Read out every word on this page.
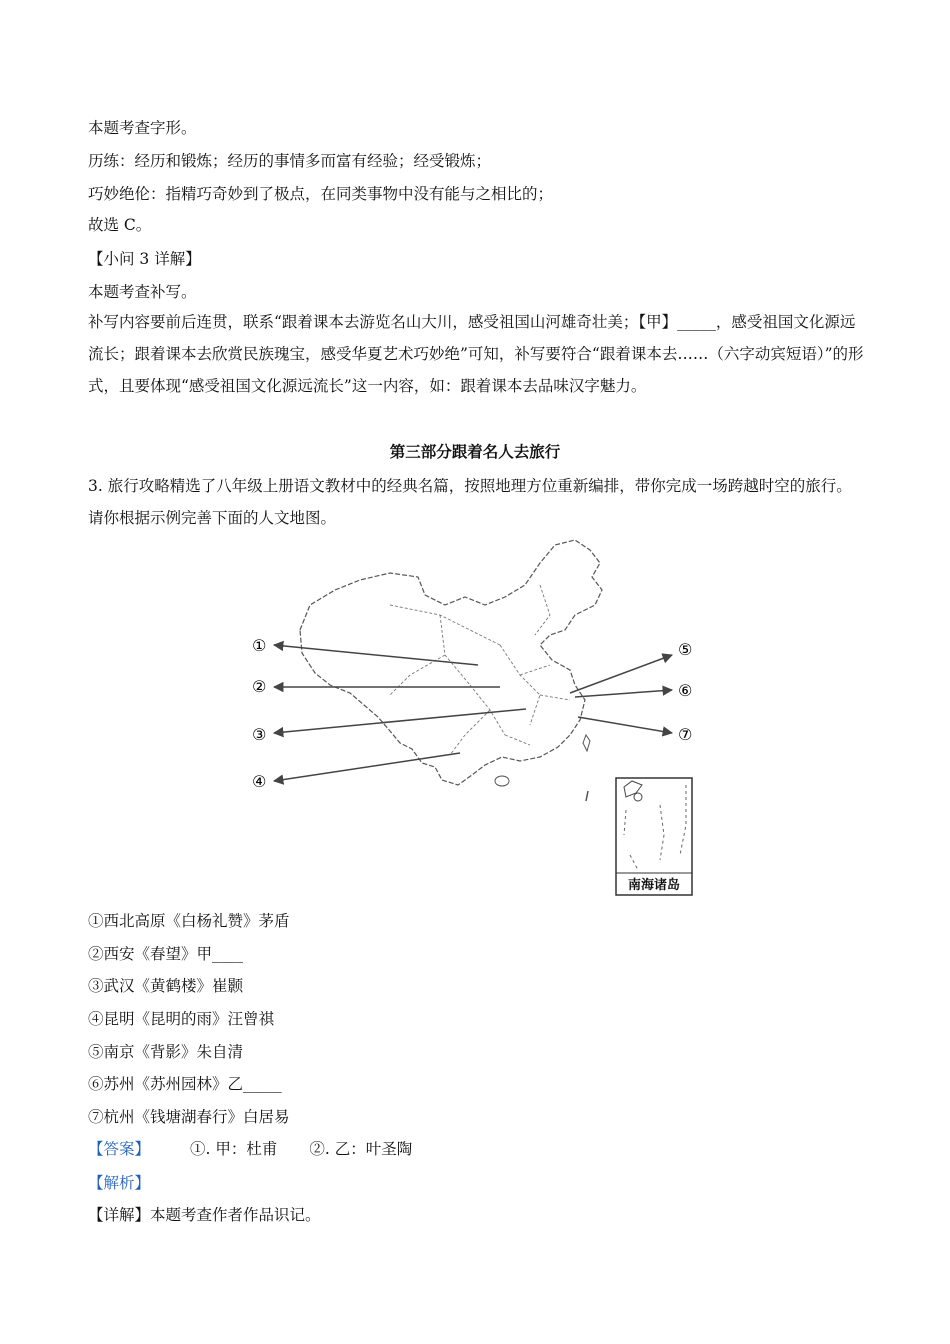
本题考查字形。
历练：经历和锻炼；经历的事情多而富有经验；经受锻炼；
巧妙绝伦：指精巧奇妙到了极点，在同类事物中没有能与之相比的；
故选 C。
【小问 3 详解】
本题考查补写。
补写内容要前后连贯，联系“跟着课本去游览名山大川，感受祖国山河雄奇壮美；【甲】_____，感受祖国文化源远流长；跟着课本去欣赏民族瑰宝，感受华夏艺术巧妙绝”可知，补写要符合“跟着课本去……（六字动宾短语）”的形式，且要体现“感受祖国文化源远流长”这一内容，如：跟着课本去品味汉字魅力。
第三部分跟着名人去旅行
3. 旅行攻略精选了八年级上册语文教材中的经典名篇，按照地理方位重新编排，带你完成一场跨越时空的旅行。请你根据示例完善下面的人文地图。
①
②
③
④
⑤
⑥
⑦
南海诸岛
①西北高原《白杨礼赞》茅盾
②西安《春望》甲____
③武汉《黄鹤楼》崔颢
④昆明《昆明的雨》汪曾祺
⑤南京《背影》朱自清
⑥苏州《苏州园林》乙_____
⑦杭州《钱塘湖春行》白居易
【答案】	①. 甲：杜甫 ②. 乙：叶圣陶
【解析】
【详解】本题考查作者作品识记。
